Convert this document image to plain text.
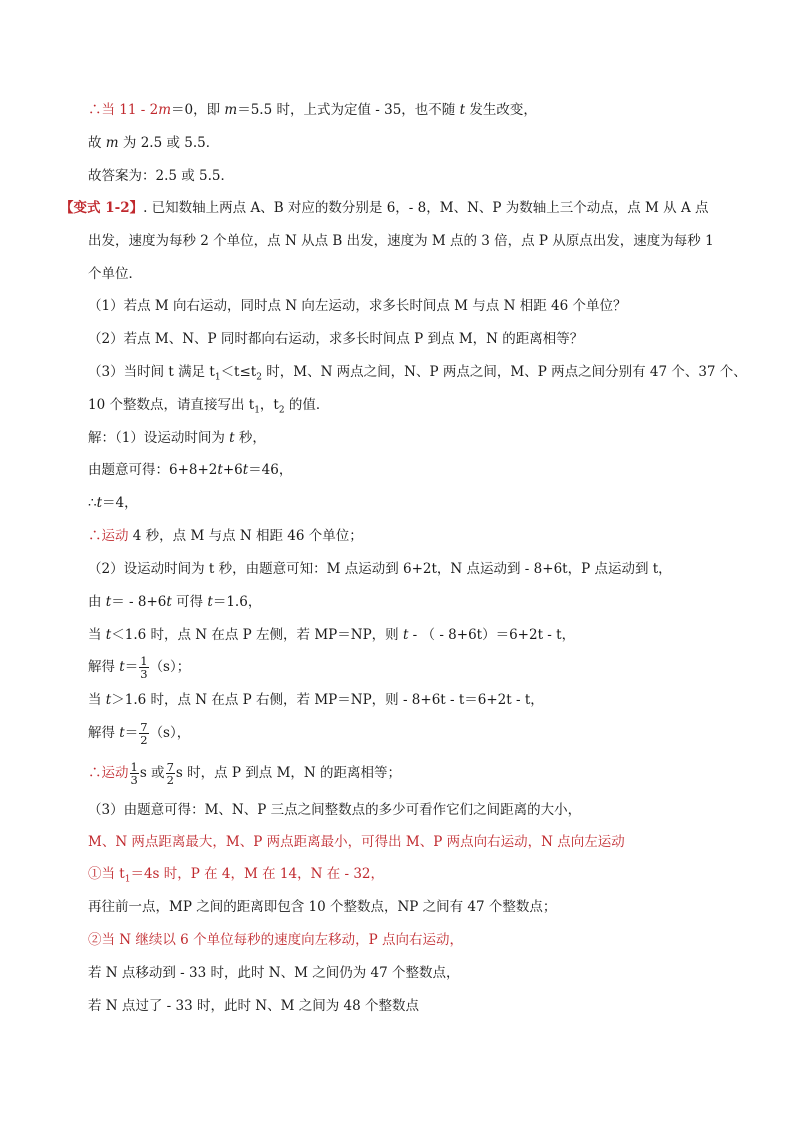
∴当 11 - 2m＝0，即 m＝5.5 时，上式为定值 - 35，也不随 t 发生改变，
故 m 为 2.5 或 5.5．
故答案为：2.5 或 5.5．
【变式 1-2】. 已知数轴上两点 A、B 对应的数分别是 6，- 8，M、N、P 为数轴上三个动点，点 M 从 A 点
出发，速度为每秒 2 个单位，点 N 从点 B 出发，速度为 M 点的 3 倍，点 P 从原点出发，速度为每秒 1
个单位．
（1）若点 M 向右运动，同时点 N 向左运动，求多长时间点 M 与点 N 相距 46 个单位？
（2）若点 M、N、P 同时都向右运动，求多长时间点 P 到点 M，N 的距离相等？
（3）当时间 t 满足 $t_1<t\le t_2$ 时，M、N 两点之间，N、P 两点之间，M、P 两点之间分别有 47 个、37 个、
10 个整数点，请直接写出 $t_1$，$t_2$ 的值．
解：（1）设运动时间为 t 秒，
由题意可得：6+8+2t+6t＝46，
∴t＝4，
∴运动 4 秒，点 M 与点 N 相距 46 个单位；
（2）设运动时间为 t 秒，由题意可知：M 点运动到 6+2t，N 点运动到 - 8+6t，P 点运动到 t，
由 t＝ - 8+6t 可得 t＝1.6，
当 t＜1.6 时，点 N 在点 P 左侧，若 MP＝NP，则 t - （ - 8+6t）＝6+2t - t，
解得 $t= \frac{1}{3} (s)$；
当 t＞1.6 时，点 N 在点 P 右侧，若 MP＝NP，则 - 8+6t - t＝6+2t - t，
解得 $t= \frac{7}{2} (s)$，
∴运动 $\frac{1}{3}$ s 或 $\frac{7}{2}$ s 时，点 P 到点 M，N 的距离相等；
（3）由题意可得：M、N、P 三点之间整数点的多少可看作它们之间距离的大小，
M、N 两点距离最大，M、P 两点距离最小，可得出 M、P 两点向右运动，N 点向左运动
①当 $t_1=4s$ 时，P 在 4，M 在 14，N 在 - 32，
再往前一点，MP 之间的距离即包含 10 个整数点，NP 之间有 47 个整数点；
②当 N 继续以 6 个单位每秒的速度向左移动，P 点向右运动，
若 N 点移动到 - 33 时，此时 N、M 之间仍为 47 个整数点，
若 N 点过了 - 33 时，此时 N、M 之间为 48 个整数点
